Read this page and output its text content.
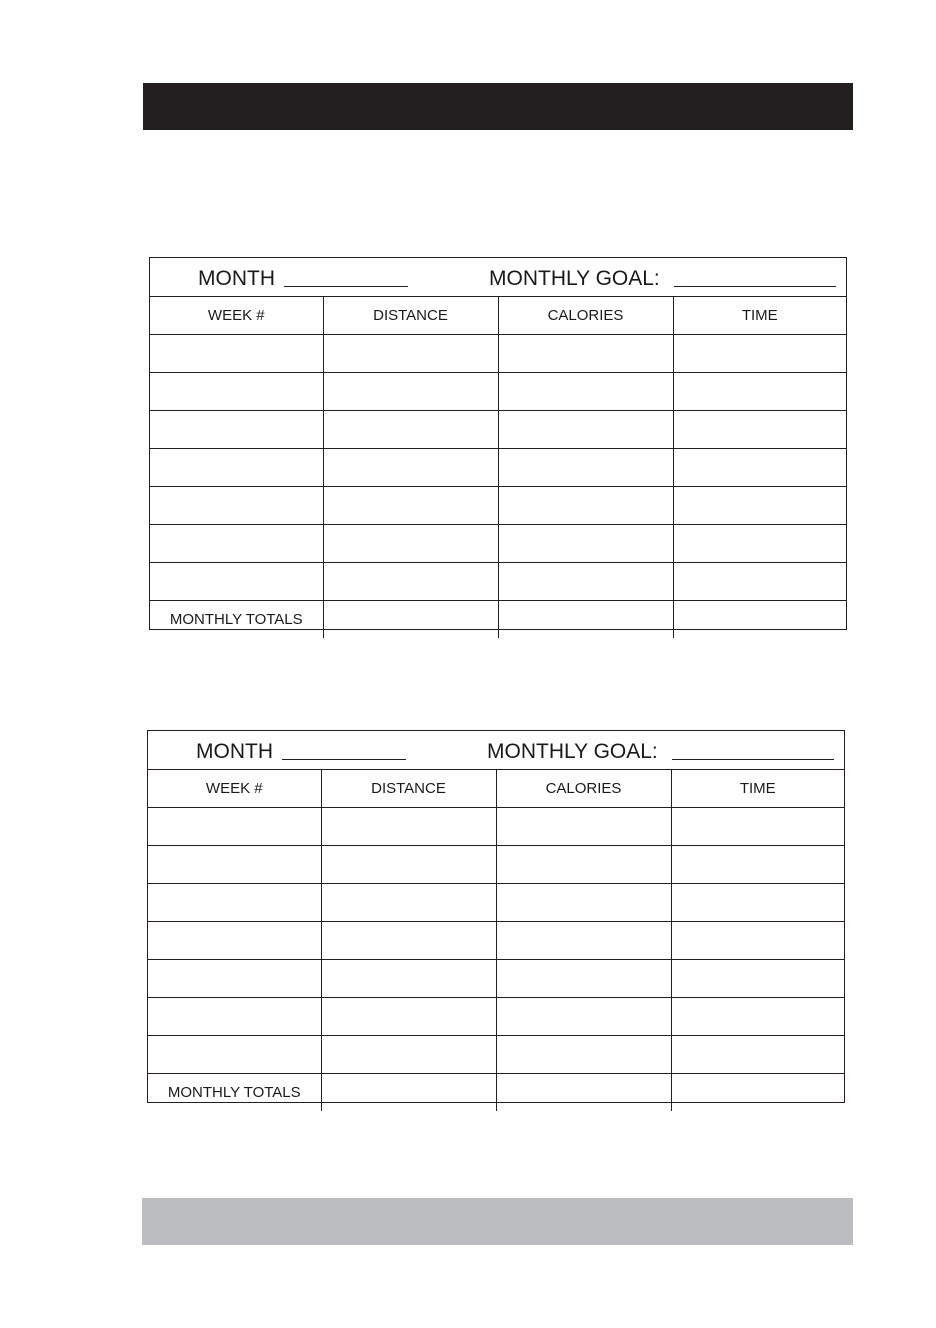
MONTH	MONTHLY GOAL:
WEEK #	DISTANCE	CALORIES	TIME

MONTHLY TOTALS			
MONTH	MONTHLY GOAL:
WEEK #	DISTANCE	CALORIES	TIME

MONTHLY TOTALS			
